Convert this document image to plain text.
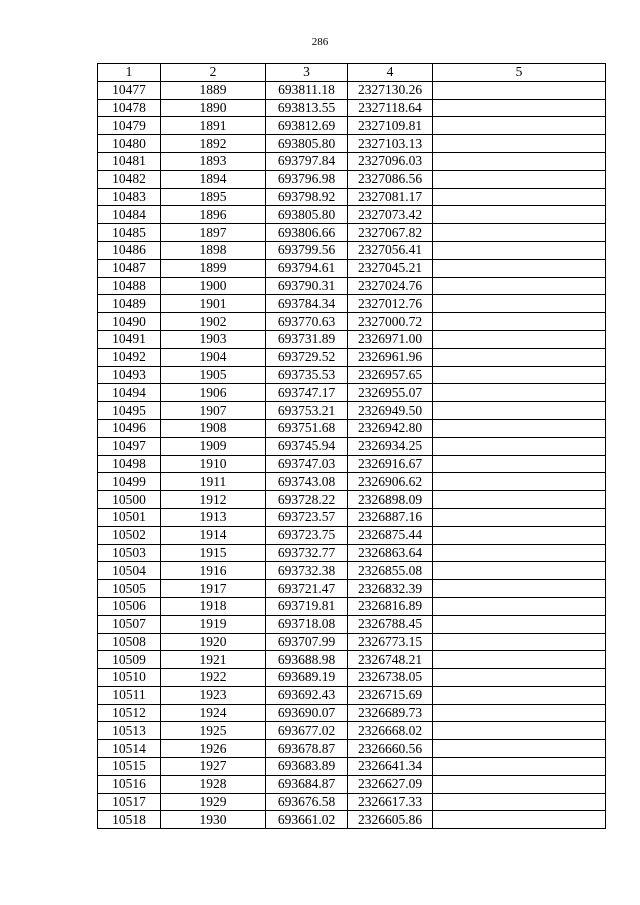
286
1	2	3	4	5
10477	1889	693811.18	2327130.26	
10478	1890	693813.55	2327118.64	
10479	1891	693812.69	2327109.81	
10480	1892	693805.80	2327103.13	
10481	1893	693797.84	2327096.03	
10482	1894	693796.98	2327086.56	
10483	1895	693798.92	2327081.17	
10484	1896	693805.80	2327073.42	
10485	1897	693806.66	2327067.82	
10486	1898	693799.56	2327056.41	
10487	1899	693794.61	2327045.21	
10488	1900	693790.31	2327024.76	
10489	1901	693784.34	2327012.76	
10490	1902	693770.63	2327000.72	
10491	1903	693731.89	2326971.00	
10492	1904	693729.52	2326961.96	
10493	1905	693735.53	2326957.65	
10494	1906	693747.17	2326955.07	
10495	1907	693753.21	2326949.50	
10496	1908	693751.68	2326942.80	
10497	1909	693745.94	2326934.25	
10498	1910	693747.03	2326916.67	
10499	1911	693743.08	2326906.62	
10500	1912	693728.22	2326898.09	
10501	1913	693723.57	2326887.16	
10502	1914	693723.75	2326875.44	
10503	1915	693732.77	2326863.64	
10504	1916	693732.38	2326855.08	
10505	1917	693721.47	2326832.39	
10506	1918	693719.81	2326816.89	
10507	1919	693718.08	2326788.45	
10508	1920	693707.99	2326773.15	
10509	1921	693688.98	2326748.21	
10510	1922	693689.19	2326738.05	
10511	1923	693692.43	2326715.69	
10512	1924	693690.07	2326689.73	
10513	1925	693677.02	2326668.02	
10514	1926	693678.87	2326660.56	
10515	1927	693683.89	2326641.34	
10516	1928	693684.87	2326627.09	
10517	1929	693676.58	2326617.33	
10518	1930	693661.02	2326605.86	
